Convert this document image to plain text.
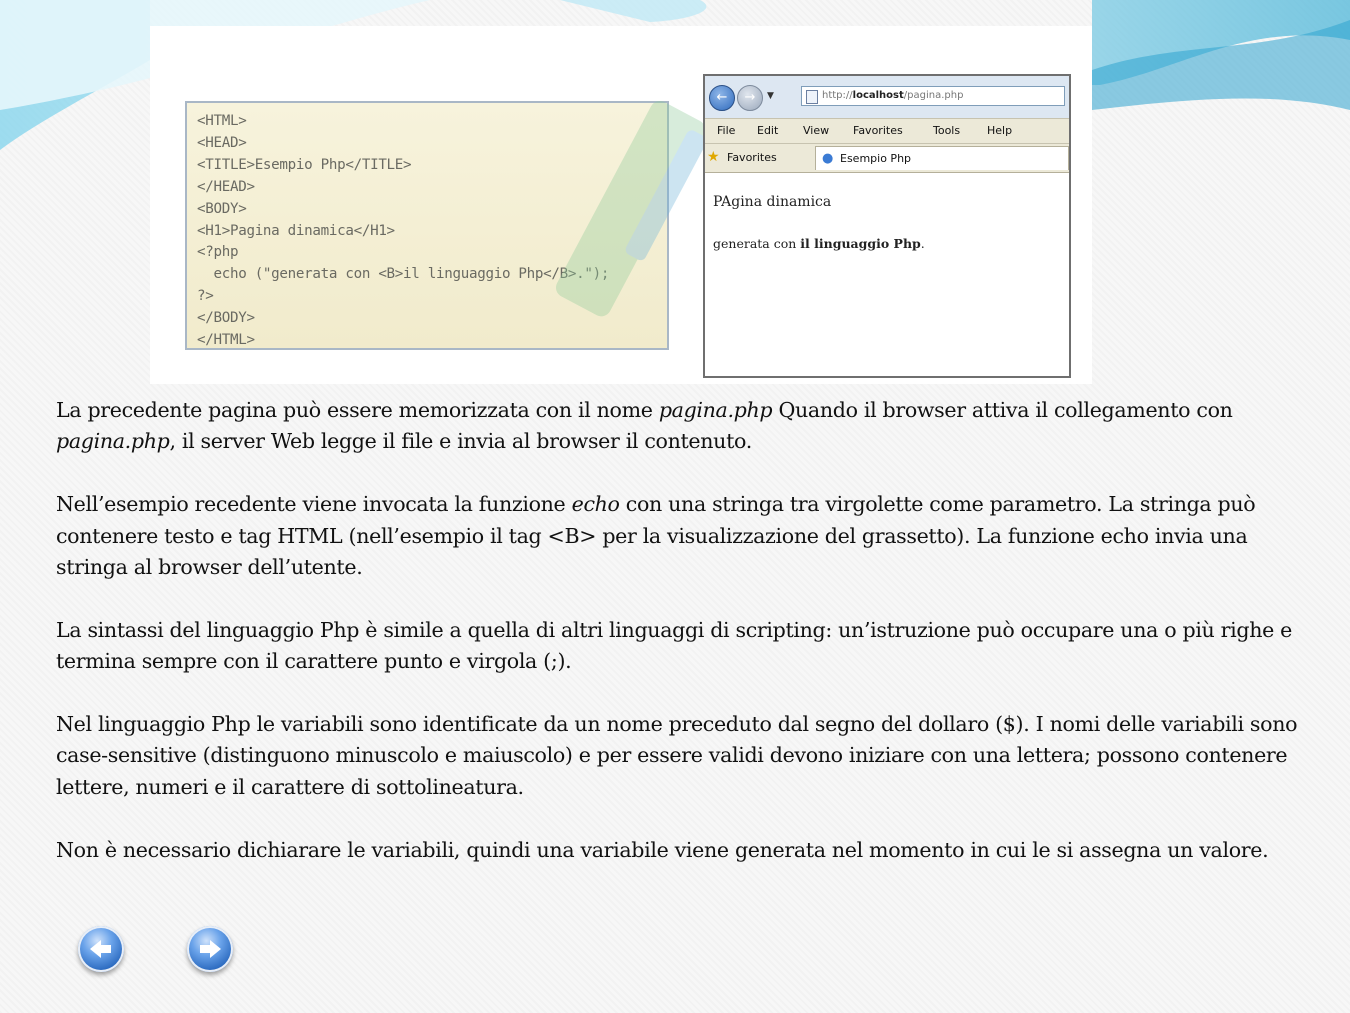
<HTML>
<HEAD>
<TITLE>Esempio Php</TITLE>
</HEAD>
<BODY>
<H1>Pagina dinamica</H1>
<?php
echo ("generata con <B>il linguaggio Php</B>.");
?>
</BODY>
</HTML>
←	→	▼	http://localhost/pagina.php
File Edit View Favorites	Tools Help
★ Favorites	● Esempio Php
PAgina dinamica
generata con il linguaggio Php.

La precedente pagina può essere memorizzata con il nome pagina.php Quando il browser attiva il collegamento con pagina.php, il server Web legge il file e invia al browser il contenuto.

Nell’esempio recedente viene invocata la funzione echo con una stringa tra virgolette come parametro. La stringa può contenere testo e tag HTML (nell’esempio il tag <B> per la visualizzazione del grassetto). La funzione echo invia una stringa al browser dell’utente.

La sintassi del linguaggio Php è simile a quella di altri linguaggi di scripting: un’istruzione può occupare una o più righe e termina sempre con il carattere punto e virgola (;).

Nel linguaggio Php le variabili sono identificate da un nome preceduto dal segno del dollaro ($). I nomi delle variabili sono case-sensitive (distinguono minuscolo e maiuscolo) e per essere validi devono iniziare con una lettera; possono contenere lettere, numeri e il carattere di sottolineatura.

Non è necessario dichiarare le variabili, quindi una variabile viene generata nel momento in cui le si assegna un valore.
